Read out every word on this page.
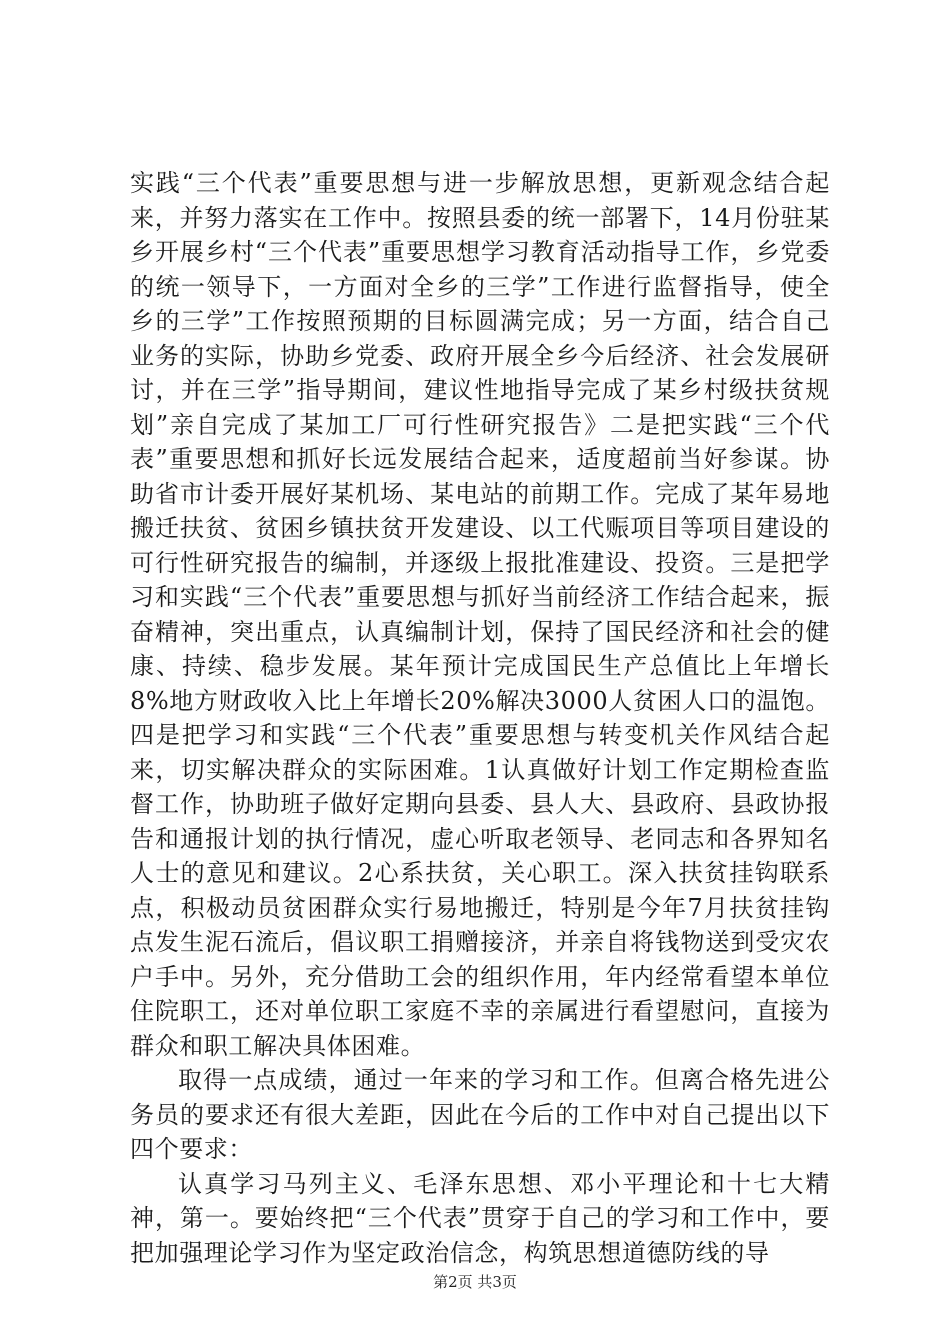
实践“三个代表”重要思想与进一步解放思想，更新观念结合起来，并努力落实在工作中。按照县委的统一部署下，14月份驻某乡开展乡村“三个代表”重要思想学习教育活动指导工作，乡党委的统一领导下，一方面对全乡的三学”工作进行监督指导，使全乡的三学”工作按照预期的目标圆满完成；另一方面，结合自己业务的实际，协助乡党委、政府开展全乡今后经济、社会发展研讨，并在三学”指导期间，建议性地指导完成了某乡村级扶贫规划”亲自完成了某加工厂可行性研究报告》二是把实践“三个代表”重要思想和抓好长远发展结合起来，适度超前当好参谋。协助省市计委开展好某机场、某电站的前期工作。完成了某年易地搬迁扶贫、贫困乡镇扶贫开发建设、以工代赈项目等项目建设的可行性研究报告的编制，并逐级上报批准建设、投资。三是把学习和实践“三个代表”重要思想与抓好当前经济工作结合起来，振奋精神，突出重点，认真编制计划，保持了国民经济和社会的健康、持续、稳步发展。某年预计完成国民生产总值比上年增长8%地方财政收入比上年增长20%解决3000人贫困人口的温饱。四是把学习和实践“三个代表”重要思想与转变机关作风结合起来，切实解决群众的实际困难。1认真做好计划工作定期检查监督工作，协助班子做好定期向县委、县人大、县政府、县政协报告和通报计划的执行情况，虚心听取老领导、老同志和各界知名人士的意见和建议。2心系扶贫，关心职工。深入扶贫挂钩联系点，积极动员贫困群众实行易地搬迁，特别是今年7月扶贫挂钩点发生泥石流后，倡议职工捐赠接济，并亲自将钱物送到受灾农户手中。另外，充分借助工会的组织作用，年内经常看望本单位住院职工，还对单位职工家庭不幸的亲属进行看望慰问，直接为群众和职工解决具体困难。

取得一点成绩，通过一年来的学习和工作。但离合格先进公务员的要求还有很大差距，因此在今后的工作中对自己提出以下四个要求：

认真学习马列主义、毛泽东思想、邓小平理论和十七大精神，第一。要始终把“三个代表”贯穿于自己的学习和工作中，要把加强理论学习作为坚定政治信念，构筑思想道德防线的导

第2页 共3页
